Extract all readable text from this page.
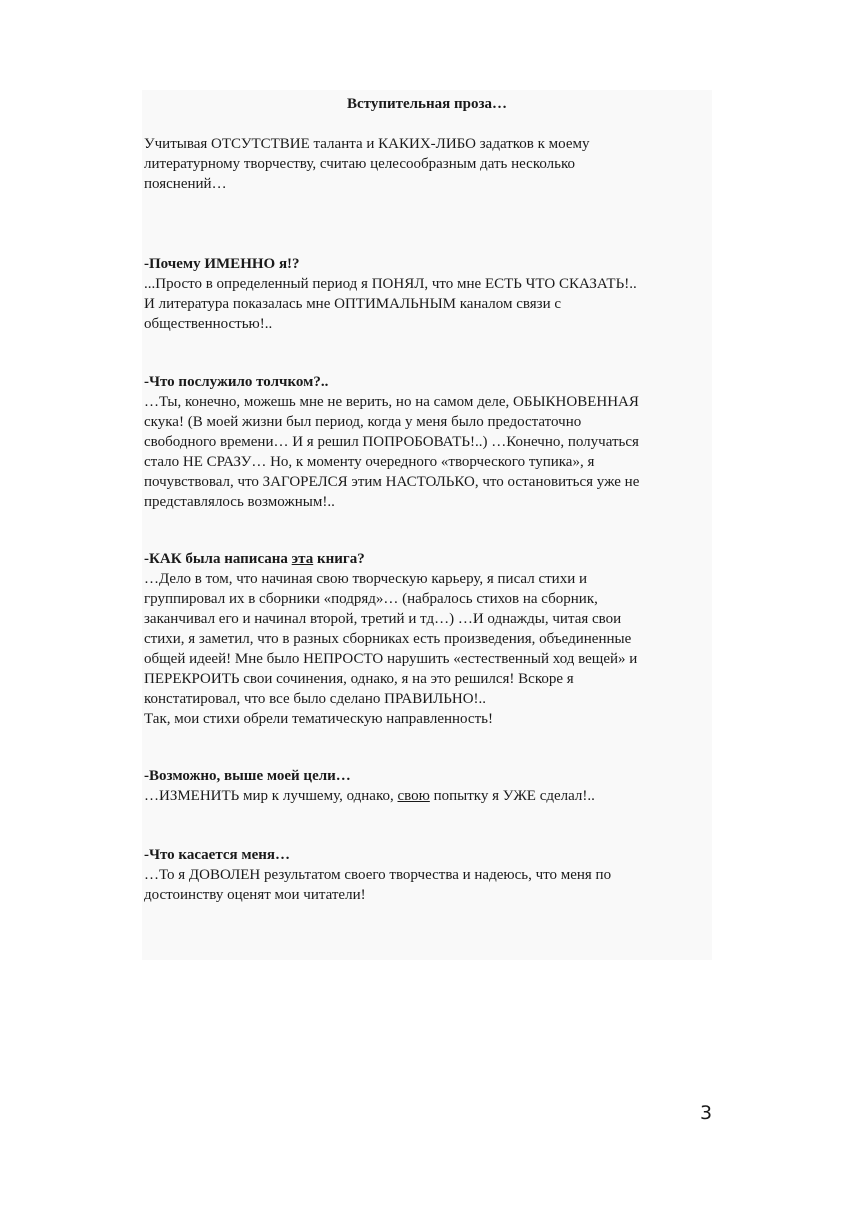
Вступительная проза…

Учитывая ОТСУТСТВИЕ таланта и КАКИХ-ЛИБО задатков к моему

литературному творчеству, считаю целесообразным дать несколько

пояснений…

-Почему ИМЕННО я!?

...Просто в определенный период я ПОНЯЛ, что мне ЕСТЬ ЧТО СКАЗАТЬ!..

И литература показалась мне ОПТИМАЛЬНЫМ каналом связи с

общественностью!..

-Что послужило толчком?..

…Ты, конечно, можешь мне не верить, но на самом деле, ОБЫКНОВЕННАЯ

скука! (В моей жизни был период, когда у меня было предостаточно

свободного времени… И я решил ПОПРОБОВАТЬ!..) …Конечно, получаться

стало НЕ СРАЗУ… Но, к моменту очередного «творческого тупика», я

почувствовал, что ЗАГОРЕЛСЯ этим НАСТОЛЬКО, что остановиться уже не

представлялось возможным!..

-КАК была написана эта книга?

…Дело в том, что начиная свою творческую карьеру, я писал стихи и

группировал их в сборники «подряд»… (набралось стихов на сборник,

заканчивал его и начинал второй, третий и тд…) …И однажды, читая свои

стихи, я заметил, что в разных сборниках есть произведения, объединенные

общей идеей! Мне было НЕПРОСТО нарушить «естественный ход вещей» и

ПЕРЕКРОИТЬ свои сочинения, однако, я на это решился! Вскоре я

констатировал, что все было сделано ПРАВИЛЬНО!..

Так, мои стихи обрели тематическую направленность!

-Возможно, выше моей цели…

…ИЗМЕНИТЬ мир к лучшему, однако, свою попытку я УЖЕ сделал!..

-Что касается меня…

…То я ДОВОЛЕН результатом своего творчества и надеюсь, что меня по

достоинству оценят мои читатели!

3
